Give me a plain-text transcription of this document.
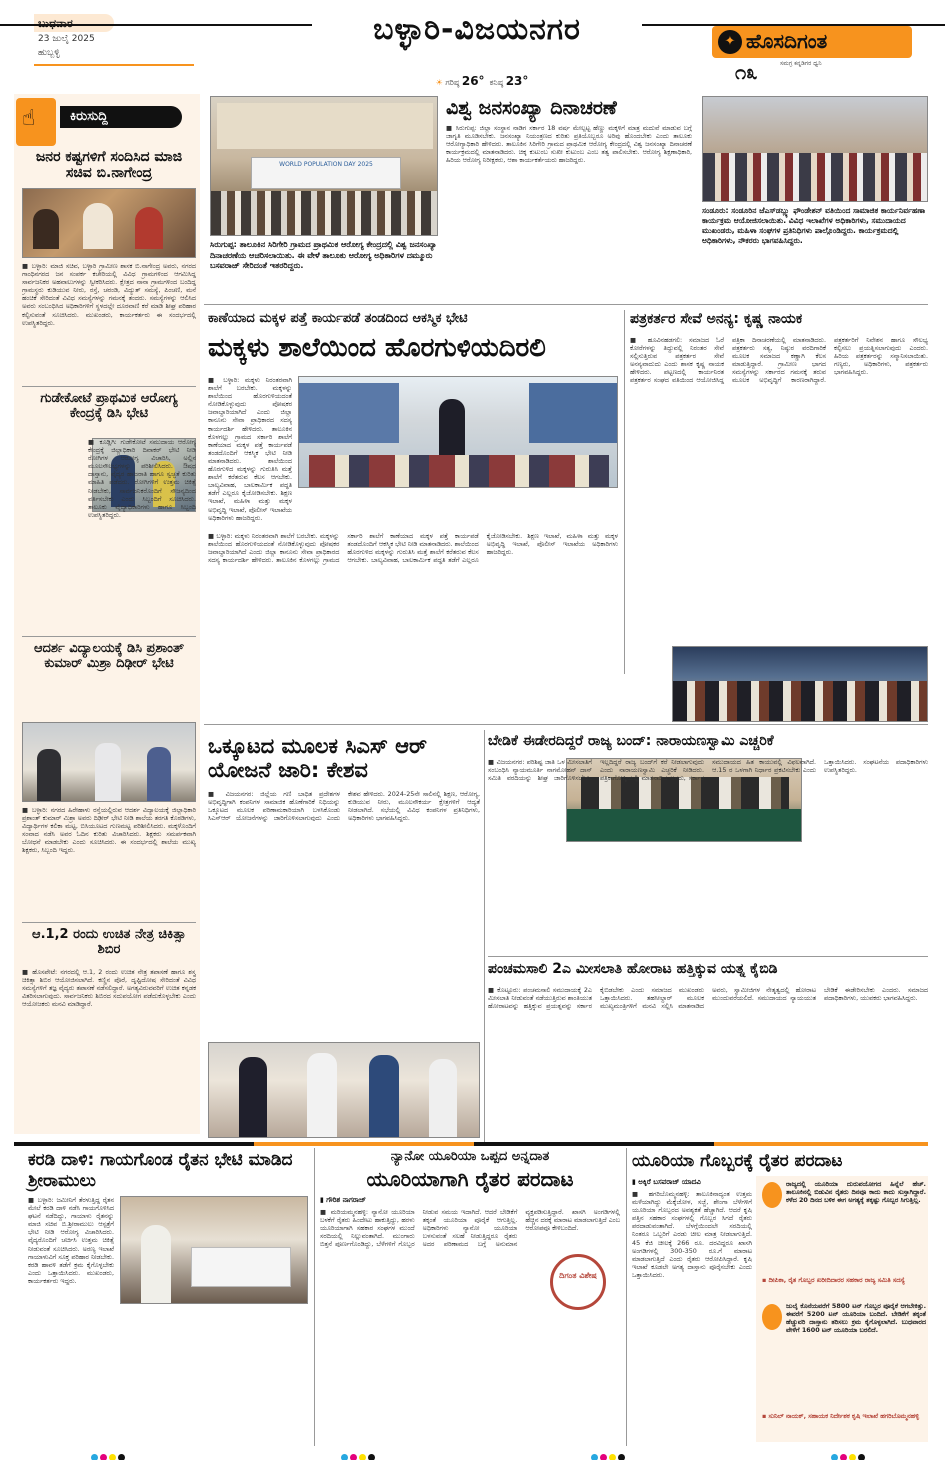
23 ಜುಲೈ 2025
ಹುಬ್ಬಳ್ಳಿ
ಬಳ್ಳಾರಿ-ವಿಜಯನಗರ
☀ ಗರಿಷ್ಠ 26° ಕನಿಷ್ಠ 23°
✦ ಹೊಸದಿಗಂತ
ಸಮಗ್ರ ಕನ್ನಡಿಗರ ಧ್ವನಿ
೧೩
☝	ಕಿರುಸುದ್ದಿ
ಜನರ ಕಷ್ಟಗಳಿಗೆ ಸಂದಿಸಿದ ಮಾಜಿ ಸಚಿವ ಬಿ.ನಾಗೇಂದ್ರ
■ ಬಳ್ಳಾರಿ: ಮಾಜಿ ಸಚಿವ, ಬಳ್ಳಾರಿ ಗ್ರಾಮೀಣ ಶಾಸಕ ಬಿ.ನಾಗೇಂದ್ರ ಅವರು, ನಗರದ ಗಾಂಧಿನಗರದ ಜನ ಸಂಪರ್ಕ ಕಚೇರಿಯಲ್ಲಿ ವಿವಿಧ ಗ್ರಾಮಗಳಿಂದ ಆಗಮಿಸಿದ್ದ ಸಾರ್ವಜನಿಕರ ಅಹವಾಲುಗಳನ್ನು ಸ್ವೀಕರಿಸಿದರು. ಕ್ಷೇತ್ರದ ನಾನಾ ಗ್ರಾಮಗಳಿಂದ ಬಂದಿದ್ದ ಗ್ರಾಮಸ್ಥರು ಕುಡಿಯುವ ನೀರು, ರಸ್ತೆ, ಚರಂಡಿ, ವಿದ್ಯುತ್ ಸಮಸ್ಯೆ, ಪಿಂಚಣಿ, ಮನೆ ಹಂಚಿಕೆ ಸೇರಿದಂತೆ ವಿವಿಧ ಸಮಸ್ಯೆಗಳನ್ನು ಗಮನಕ್ಕೆ ತಂದರು. ಸಮಸ್ಯೆಗಳನ್ನು ಆಲಿಸಿದ ಅವರು ಸಂಬಂಧಿಸಿದ ಅಧಿಕಾರಿಗಳಿಗೆ ಸ್ಥಳದಲ್ಲೇ ದೂರವಾಣಿ ಕರೆ ಮಾಡಿ ಶೀಘ್ರ ಪರಿಹಾರ ಕಲ್ಪಿಸುವಂತೆ ಸೂಚಿಸಿದರು. ಮುಖಂಡರು, ಕಾರ್ಯಕರ್ತರು ಈ ಸಂದರ್ಭದಲ್ಲಿ ಉಪಸ್ಥಿತರಿದ್ದರು.
ಗುಡೇಕೋಟೆ ಪ್ರಾಥಮಿಕ ಆರೋಗ್ಯ ಕೇಂದ್ರಕ್ಕೆ ಡಿಸಿ ಭೇಟಿ
■ ಕೂಡ್ಲಿಗಿ: ಗುಡೇಕೋಟೆ ಸಮುದಾಯ ಆರೋಗ್ಯ ಕೇಂದ್ರಕ್ಕೆ ಜಿಲ್ಲಾಧಿಕಾರಿ ದಿವಾಕರ್ ಭೇಟಿ ನೀಡಿ ರೋಗಿಗಳ ಆರೋಗ್ಯ ವಿಚಾರಿಸಿ, ಅಲ್ಲಿನ ಮೂಲಸೌಲಭ್ಯಗಳನ್ನು ಪರಿಶೀಲಿಸಿದರು. ಔಷಧ ದಾಸ್ತಾನು, ವೈದ್ಯರ ಹಾಜರಾತಿ ಹಾಗೂ ಸ್ವಚ್ಛತೆ ಕುರಿತು ಮಾಹಿತಿ ಪಡೆದರು. ರೋಗಿಗಳಿಗೆ ಉತ್ತಮ ಚಿಕಿತ್ಸೆ ನೀಡಬೇಕು, ಸಾರ್ವಜನಿಕರೊಂದಿಗೆ ಸೌಜನ್ಯದಿಂದ ವರ್ತಿಸಬೇಕು ಎಂದು ಸಿಬ್ಬಂದಿಗೆ ಸೂಚಿಸಿದರು. ತಾಲೂಕು ವೈದ್ಯಾಧಿಕಾರಿಗಳು ಹಾಗೂ ಸಿಬ್ಬಂದಿ ಉಪಸ್ಥಿತರಿದ್ದರು.
ಆದರ್ಶ ವಿದ್ಯಾಲಯಕ್ಕೆ ಡಿಸಿ ಪ್ರಶಾಂತ್ ಕುಮಾರ್ ಮಿಶ್ರಾ ದಿಢೀರ್ ಭೇಟಿ
■ ಬಳ್ಳಾರಿ: ನಗರದ ಹಿರೇಹಾಳು ರಸ್ತೆಯಲ್ಲಿರುವ ಆದರ್ಶ ವಿದ್ಯಾಲಯಕ್ಕೆ ಜಿಲ್ಲಾಧಿಕಾರಿ ಪ್ರಶಾಂತ್ ಕುಮಾರ್ ಮಿಶ್ರಾ ಅವರು ದಿಢೀರ್ ಭೇಟಿ ನೀಡಿ ಶಾಲೆಯ ತರಗತಿ ಕೊಠಡಿಗಳು, ವಿದ್ಯಾರ್ಥಿಗಳ ಕಲಿಕಾ ಮಟ್ಟ, ಬಿಸಿಯೂಟದ ಗುಣಮಟ್ಟ ಪರಿಶೀಲಿಸಿದರು. ಮಕ್ಕಳೊಂದಿಗೆ ಸಂವಾದ ನಡೆಸಿ ಅವರ ಓದಿನ ಕುರಿತು ವಿಚಾರಿಸಿದರು. ಶಿಕ್ಷಕರು ಸಮರ್ಪಕವಾಗಿ ಬೋಧನೆ ಮಾಡಬೇಕು ಎಂದು ಸೂಚಿಸಿದರು. ಈ ಸಂದರ್ಭದಲ್ಲಿ ಶಾಲೆಯ ಮುಖ್ಯ ಶಿಕ್ಷಕರು, ಸಿಬ್ಬಂದಿ ಇದ್ದರು.
ಆ.1,2 ರಂದು ಉಚಿತ ನೇತ್ರ ಚಿಕಿತ್ಸಾ ಶಿಬಿರ
■ ಹೊಸಪೇಟೆ: ನಗರದಲ್ಲಿ ಆ.1, 2 ರಂದು ಉಚಿತ ನೇತ್ರ ತಪಾಸಣೆ ಹಾಗೂ ಶಸ್ತ್ರ ಚಿಕಿತ್ಸಾ ಶಿಬಿರ ಆಯೋಜಿಸಲಾಗಿದೆ. ಕಣ್ಣಿನ ಪೊರೆ, ದೃಷ್ಟಿದೋಷ ಸೇರಿದಂತೆ ವಿವಿಧ ಸಮಸ್ಯೆಗಳಿಗೆ ತಜ್ಞ ವೈದ್ಯರು ತಪಾಸಣೆ ನಡೆಸಲಿದ್ದಾರೆ. ಅಗತ್ಯವಿರುವವರಿಗೆ ಉಚಿತ ಕನ್ನಡಕ ವಿತರಿಸಲಾಗುವುದು. ಸಾರ್ವಜನಿಕರು ಶಿಬಿರದ ಸದುಪಯೋಗ ಪಡೆದುಕೊಳ್ಳಬೇಕು ಎಂದು ಆಯೋಜಕರು ಮನವಿ ಮಾಡಿದ್ದಾರೆ.
WORLD POPULATION DAY 2025
ಸಿರುಗುಪ್ಪ: ತಾಲೂಕಿನ ಸಿರಿಗೇರಿ ಗ್ರಾಮದ ಪ್ರಾಥಮಿಕ ಆರೋಗ್ಯ ಕೇಂದ್ರದಲ್ಲಿ ವಿಶ್ವ ಜನಸಂಖ್ಯಾ ದಿನಾಚರಣೆಯ ಆಚರಿಸಲಾಯಿತು. ಈ ವೇಳೆ ತಾಲೂಕು ಆರೋಗ್ಯ ಅಧಿಕಾರಿಗಳ ದಮ್ಮೂರು ಬಸವರಾಜ್ ಸೇರಿದಂತೆ ಇತರರಿದ್ದರು.
ವಿಶ್ವ ಜನಸಂಖ್ಯಾ ದಿನಾಚರಣೆ
■ ಸಿರುಗುಪ್ಪ: ಜಿಲ್ಲಾ ಸಂಸ್ಥಾನ ನಾಡಿಗ ಸರ್ಕಾರ 18 ವರ್ಷ ಮೇಲ್ಪಟ್ಟ ಹೆಣ್ಣು ಮಕ್ಕಳಿಗೆ ಮಾತ್ರ ಮದುವೆ ಮಾಡುವ ಬಗ್ಗೆ ಜಾಗೃತಿ ಮೂಡಿಸಬೇಕು. ಜನಸಂಖ್ಯಾ ನಿಯಂತ್ರಣದ ಕುರಿತು ಪ್ರತಿಯೊಬ್ಬರೂ ಅರಿವು ಹೊಂದಬೇಕು ಎಂದು ತಾಲೂಕು ಆರೋಗ್ಯಾಧಿಕಾರಿ ಹೇಳಿದರು. ತಾಲೂಕಿನ ಸಿರಿಗೇರಿ ಗ್ರಾಮದ ಪ್ರಾಥಮಿಕ ಆರೋಗ್ಯ ಕೇಂದ್ರದಲ್ಲಿ ವಿಶ್ವ ಜನಸಂಖ್ಯಾ ದಿನಾಚರಣೆ ಕಾರ್ಯಕ್ರಮದಲ್ಲಿ ಮಾತನಾಡಿದರು. ಚಿಕ್ಕ ಕುಟುಂಬ ಸುಖೀ ಕುಟುಂಬ ಎಂಬ ತತ್ವ ಪಾಲಿಸಬೇಕು. ಆರೋಗ್ಯ ಶಿಕ್ಷಣಾಧಿಕಾರಿ, ಹಿರಿಯ ಆರೋಗ್ಯ ನಿರೀಕ್ಷಕರು, ಆಶಾ ಕಾರ್ಯಕರ್ತೆಯರು ಹಾಜರಿದ್ದರು.
ಸಂಡೂರು: ಸಂಡೂರಿನ ಜೆಎಸ್‌ಡಬ್ಲ್ಯು ಫೌಂಡೇಶನ್ ವತಿಯಿಂದ ಸಾಮಾಜಿಕ ಕಾರ್ಯನಿರ್ವಹಣಾ ಕಾರ್ಯಕ್ರಮ ಆಯೋಜಿಸಲಾಯಿತು. ವಿವಿಧ ಇಲಾಖೆಗಳ ಅಧಿಕಾರಿಗಳು, ಸಮುದಾಯದ ಮುಖಂಡರು, ಮಹಿಳಾ ಸಂಘಗಳ ಪ್ರತಿನಿಧಿಗಳು ಪಾಲ್ಗೊಂಡಿದ್ದರು. ಕಾರ್ಯಕ್ರಮದಲ್ಲಿ ಅಧಿಕಾರಿಗಳು, ನೌಕರರು ಭಾಗವಹಿಸಿದ್ದರು.
ಕಾಣೆಯಾದ ಮಕ್ಕಳ ಪತ್ತೆ ಕಾರ್ಯಪಡೆ ತಂಡದಿಂದ ಆಕಸ್ಮಿಕ ಭೇಟಿ
ಮಕ್ಕಳು ಶಾಲೆಯಿಂದ ಹೊರಗುಳಿಯದಿರಲಿ
■ ಬಳ್ಳಾರಿ: ಮಕ್ಕಳು ನಿರಂತರವಾಗಿ ಶಾಲೆಗೆ ಬರಬೇಕು. ಮಕ್ಕಳನ್ನು ಶಾಲೆಯಿಂದ ಹೊರಗುಳಿಯದಂತೆ ನೋಡಿಕೊಳ್ಳುವುದು ಪೋಷಕರ ಜವಾಬ್ದಾರಿಯಾಗಿದೆ ಎಂದು ಜಿಲ್ಲಾ ಕಾನೂನು ಸೇವಾ ಪ್ರಾಧಿಕಾರದ ಸದಸ್ಯ ಕಾರ್ಯದರ್ಶಿ ಹೇಳಿದರು. ತಾಲೂಕಿನ ಕೊಳಗಲ್ಲು ಗ್ರಾಮದ ಸರ್ಕಾರಿ ಶಾಲೆಗೆ ಕಾಣೆಯಾದ ಮಕ್ಕಳ ಪತ್ತೆ ಕಾರ್ಯಪಡೆ ತಂಡದೊಂದಿಗೆ ಆಕಸ್ಮಿಕ ಭೇಟಿ ನೀಡಿ ಮಾತನಾಡಿದರು. ಶಾಲೆಯಿಂದ ಹೊರಗುಳಿದ ಮಕ್ಕಳನ್ನು ಗುರುತಿಸಿ ಮತ್ತೆ ಶಾಲೆಗೆ ಕರೆತರುವ ಕೆಲಸ ಆಗಬೇಕು. ಬಾಲ್ಯವಿವಾಹ, ಬಾಲಕಾರ್ಮಿಕ ಪದ್ಧತಿ ತಡೆಗೆ ಎಲ್ಲರೂ ಕೈಜೋಡಿಸಬೇಕು. ಶಿಕ್ಷಣ ಇಲಾಖೆ, ಮಹಿಳಾ ಮತ್ತು ಮಕ್ಕಳ ಅಭಿವೃದ್ಧಿ ಇಲಾಖೆ, ಪೊಲೀಸ್ ಇಲಾಖೆಯ ಅಧಿಕಾರಿಗಳು ಹಾಜರಿದ್ದರು.
■ ಬಳ್ಳಾರಿ: ಮಕ್ಕಳು ನಿರಂತರವಾಗಿ ಶಾಲೆಗೆ ಬರಬೇಕು. ಮಕ್ಕಳನ್ನು ಶಾಲೆಯಿಂದ ಹೊರಗುಳಿಯದಂತೆ ನೋಡಿಕೊಳ್ಳುವುದು ಪೋಷಕರ ಜವಾಬ್ದಾರಿಯಾಗಿದೆ ಎಂದು ಜಿಲ್ಲಾ ಕಾನೂನು ಸೇವಾ ಪ್ರಾಧಿಕಾರದ ಸದಸ್ಯ ಕಾರ್ಯದರ್ಶಿ ಹೇಳಿದರು. ತಾಲೂಕಿನ ಕೊಳಗಲ್ಲು ಗ್ರಾಮದ ಸರ್ಕಾರಿ ಶಾಲೆಗೆ ಕಾಣೆಯಾದ ಮಕ್ಕಳ ಪತ್ತೆ ಕಾರ್ಯಪಡೆ ತಂಡದೊಂದಿಗೆ ಆಕಸ್ಮಿಕ ಭೇಟಿ ನೀಡಿ ಮಾತನಾಡಿದರು. ಶಾಲೆಯಿಂದ ಹೊರಗುಳಿದ ಮಕ್ಕಳನ್ನು ಗುರುತಿಸಿ ಮತ್ತೆ ಶಾಲೆಗೆ ಕರೆತರುವ ಕೆಲಸ ಆಗಬೇಕು. ಬಾಲ್ಯವಿವಾಹ, ಬಾಲಕಾರ್ಮಿಕ ಪದ್ಧತಿ ತಡೆಗೆ ಎಲ್ಲರೂ ಕೈಜೋಡಿಸಬೇಕು. ಶಿಕ್ಷಣ ಇಲಾಖೆ, ಮಹಿಳಾ ಮತ್ತು ಮಕ್ಕಳ ಅಭಿವೃದ್ಧಿ ಇಲಾಖೆ, ಪೊಲೀಸ್ ಇಲಾಖೆಯ ಅಧಿಕಾರಿಗಳು ಹಾಜರಿದ್ದರು.
ಪತ್ರಕರ್ತರ ಸೇವೆ ಅನನ್ಯ: ಕೃಷ್ಣ ನಾಯಕ
■ ಹೂವಿನಹಡಗಲಿ: ಸಮಾಜದ ಓರೆ ಕೋರೆಗಳನ್ನು ತಿದ್ದುವಲ್ಲಿ ನಿರಂತರ ಸೇವೆ ಸಲ್ಲಿಸುತ್ತಿರುವ ಪತ್ರಕರ್ತರ ಸೇವೆ ಅನನ್ಯವಾದುದು ಎಂದು ಶಾಸಕ ಕೃಷ್ಣ ನಾಯಕ ಹೇಳಿದರು. ಪಟ್ಟಣದಲ್ಲಿ ಕಾರ್ಯನಿರತ ಪತ್ರಕರ್ತರ ಸಂಘದ ವತಿಯಿಂದ ಆಯೋಜಿಸಿದ್ದ ಪತ್ರಿಕಾ ದಿನಾಚರಣೆಯಲ್ಲಿ ಮಾತನಾಡಿದರು. ಪತ್ರಕರ್ತರು ಸತ್ಯ, ನಿಷ್ಠುರ ವರದಿಗಾರಿಕೆ ಮೂಲಕ ಸಮಾಜದ ಕಣ್ಣಾಗಿ ಕೆಲಸ ಮಾಡುತ್ತಿದ್ದಾರೆ. ಗ್ರಾಮೀಣ ಭಾಗದ ಸಮಸ್ಯೆಗಳನ್ನು ಸರ್ಕಾರದ ಗಮನಕ್ಕೆ ತರುವ ಮೂಲಕ ಅಭಿವೃದ್ಧಿಗೆ ಕಾರಣರಾಗಿದ್ದಾರೆ. ಪತ್ರಕರ್ತರಿಗೆ ನಿವೇಶನ ಹಾಗೂ ಸೌಲಭ್ಯ ಕಲ್ಪಿಸಲು ಪ್ರಯತ್ನಿಸಲಾಗುವುದು ಎಂದರು. ಹಿರಿಯ ಪತ್ರಕರ್ತರನ್ನು ಸನ್ಮಾನಿಸಲಾಯಿತು. ಗಣ್ಯರು, ಅಧಿಕಾರಿಗಳು, ಪತ್ರಕರ್ತರು ಭಾಗವಹಿಸಿದ್ದರು.
ಒಕ್ಕೂಟದ ಮೂಲಕ ಸಿಎಸ್ ಆರ್ ಯೋಜನೆ ಜಾರಿ: ಕೇಶವ
■ ವಿಜಯನಗರ: ಜಿಲ್ಲೆಯ ಗಣಿ ಬಾಧಿತ ಪ್ರದೇಶಗಳ ಅಭಿವೃದ್ಧಿಗಾಗಿ ಕಂಪನಿಗಳ ಸಾಮಾಜಿಕ ಹೊಣೆಗಾರಿಕೆ ನಿಧಿಯನ್ನು ಒಕ್ಕೂಟದ ಮೂಲಕ ಪರಿಣಾಮಕಾರಿಯಾಗಿ ಬಳಸಿಕೊಂಡು ಸಿಎಸ್‌ಆರ್ ಯೋಜನೆಗಳನ್ನು ಜಾರಿಗೊಳಿಸಲಾಗುವುದು ಎಂದು ಕೇಶವ ಹೇಳಿದರು. 2024-25ನೇ ಸಾಲಿನಲ್ಲಿ ಶಿಕ್ಷಣ, ಆರೋಗ್ಯ, ಕುಡಿಯುವ ನೀರು, ಮೂಲಸೌಕರ್ಯ ಕ್ಷೇತ್ರಗಳಿಗೆ ಆದ್ಯತೆ ನೀಡಲಾಗಿದೆ. ಸಭೆಯಲ್ಲಿ ವಿವಿಧ ಕಂಪನಿಗಳ ಪ್ರತಿನಿಧಿಗಳು, ಅಧಿಕಾರಿಗಳು ಭಾಗವಹಿಸಿದ್ದರು.
ಬೇಡಿಕೆ ಈಡೇರದಿದ್ದರೆ ರಾಜ್ಯ ಬಂದ್: ನಾರಾಯಣಸ್ವಾಮಿ ಎಚ್ಚರಿಕೆ
■ ವಿಜಯನಗರ: ಪರಿಶಿಷ್ಟ ಜಾತಿ ಒಳ ಮೀಸಲಾತಿಗೆ ಸಂಬಂಧಿಸಿ ನ್ಯಾಯಮೂರ್ತಿ ನಾಗಮೋಹನ್ ದಾಸ್ ಸಮಿತಿ ವರದಿಯನ್ನು ಶೀಘ್ರ ಜಾರಿಗೊಳಿಸಬೇಕು. ಇಲ್ಲದಿದ್ದರೆ ರಾಜ್ಯ ಬಂದ್‌ಗೆ ಕರೆ ನೀಡಲಾಗುವುದು ಎಂದು ನಾರಾಯಣಸ್ವಾಮಿ ಎಚ್ಚರಿಕೆ ನೀಡಿದರು. ಪತ್ರಿಕಾಗೋಷ್ಠಿಯಲ್ಲಿ ಮಾತನಾಡಿದ ಅವರು, ಸರ್ಕಾರ ಸಮುದಾಯದ ಹಿತ ಕಾಯುವಲ್ಲಿ ವಿಫಲವಾಗಿದೆ. ಆ.15 ರ ಒಳಗಾಗಿ ನಿರ್ಧಾರ ಪ್ರಕಟಿಸಬೇಕು ಎಂದು ಒತ್ತಾಯಿಸಿದರು. ಸಂಘಟನೆಯ ಪದಾಧಿಕಾರಿಗಳು ಉಪಸ್ಥಿತರಿದ್ದರು.
ಪಂಚಮಸಾಲಿ 2ಎ ಮೀಸಲಾತಿ ಹೋರಾಟ ಹತ್ತಿಕ್ಕುವ ಯತ್ನ ಕೈಬಿಡಿ
■ ಕೊಟ್ಟೂರು: ಪಂಚಮಸಾಲಿ ಸಮುದಾಯಕ್ಕೆ 2ಎ ಮೀಸಲಾತಿ ನೀಡುವಂತೆ ನಡೆಯುತ್ತಿರುವ ಶಾಂತಿಯುತ ಹೋರಾಟವನ್ನು ಹತ್ತಿಕ್ಕುವ ಪ್ರಯತ್ನವನ್ನು ಸರ್ಕಾರ ಕೈಬಿಡಬೇಕು ಎಂದು ಸಮಾಜದ ಮುಖಂಡರು ಒತ್ತಾಯಿಸಿದರು. ತಹಸೀಲ್ದಾರ್ ಮೂಲಕ ಮುಖ್ಯಮಂತ್ರಿಗಳಿಗೆ ಮನವಿ ಸಲ್ಲಿಸಿ ಮಾತನಾಡಿದ ಅವರು, ಸ್ವಾಮೀಜಿಗಳ ನೇತೃತ್ವದಲ್ಲಿ ಹೋರಾಟ ಮುಂದುವರೆಯಲಿದೆ. ಸಮುದಾಯದ ನ್ಯಾಯಯುತ ಬೇಡಿಕೆ ಈಡೇರಿಸಬೇಕು ಎಂದರು. ಸಮಾಜದ ಪದಾಧಿಕಾರಿಗಳು, ಯುವಕರು ಭಾಗವಹಿಸಿದ್ದರು.
ಕರಡಿ ದಾಳಿ: ಗಾಯಗೊಂಡ ರೈತನ ಭೇಟಿ ಮಾಡಿದ ಶ್ರೀರಾಮುಲು
■ ಬಳ್ಳಾರಿ: ಜಮೀನಿಗೆ ತೆರಳುತ್ತಿದ್ದ ರೈತನ ಮೇಲೆ ಕರಡಿ ದಾಳಿ ನಡೆಸಿ ಗಾಯಗೊಳಿಸಿದ ಘಟನೆ ನಡೆದಿದ್ದು, ಗಾಯಾಳು ರೈತನನ್ನು ಮಾಜಿ ಸಚಿವ ಬಿ.ಶ್ರೀರಾಮುಲು ಆಸ್ಪತ್ರೆಗೆ ಭೇಟಿ ನೀಡಿ ಆರೋಗ್ಯ ವಿಚಾರಿಸಿದರು. ವೈದ್ಯರೊಂದಿಗೆ ಚರ್ಚಿಸಿ ಉತ್ತಮ ಚಿಕಿತ್ಸೆ ನೀಡುವಂತೆ ಸೂಚಿಸಿದರು. ಅರಣ್ಯ ಇಲಾಖೆ ಗಾಯಾಳುವಿಗೆ ಸೂಕ್ತ ಪರಿಹಾರ ನೀಡಬೇಕು. ಕರಡಿ ಹಾವಳಿ ತಡೆಗೆ ಕ್ರಮ ಕೈಗೊಳ್ಳಬೇಕು ಎಂದು ಒತ್ತಾಯಿಸಿದರು. ಮುಖಂಡರು, ಕಾರ್ಯಕರ್ತರು ಇದ್ದರು.
ನ್ಯಾನೋ ಯೂರಿಯಾ ಒಪ್ಪದ ಅನ್ನದಾತ
ಯೂರಿಯಾಗಾಗಿ ರೈತರ ಪರದಾಟ
▮ ಗೌರಿಶ ನಾಗರಾಜ್
■ ಮರಿಯಮ್ಮನಹಳ್ಳಿ: ನ್ಯಾನೋ ಯೂರಿಯಾ ಬಳಕೆಗೆ ರೈತರು ಹಿಂದೇಟು ಹಾಕುತ್ತಿದ್ದು, ಹರಳು ಯೂರಿಯಾಗಾಗಿ ಸಹಕಾರ ಸಂಘಗಳ ಮುಂದೆ ಸರದಿಯಲ್ಲಿ ನಿಲ್ಲುವಂತಾಗಿದೆ. ಮುಂಗಾರು ಬಿತ್ತನೆ ಪೂರ್ಣಗೊಂಡಿದ್ದು, ಬೆಳೆಗಳಿಗೆ ಗೊಬ್ಬರ ನೀಡುವ ಸಮಯ ಇದಾಗಿದೆ. ಆದರೆ ಬೇಡಿಕೆಗೆ ತಕ್ಕಂತೆ ಯೂರಿಯಾ ಪೂರೈಕೆ ಆಗುತ್ತಿಲ್ಲ. ಅಧಿಕಾರಿಗಳು ನ್ಯಾನೋ ಯೂರಿಯಾ ಬಳಸುವಂತೆ ಸಲಹೆ ನೀಡುತ್ತಿದ್ದರೂ ರೈತರು ಅದರ ಪರಿಣಾಮದ ಬಗ್ಗೆ ಅನುಮಾನ ವ್ಯಕ್ತಪಡಿಸುತ್ತಿದ್ದಾರೆ. ಖಾಸಗಿ ಅಂಗಡಿಗಳಲ್ಲಿ ಹೆಚ್ಚಿನ ದರಕ್ಕೆ ಮಾರಾಟ ಮಾಡಲಾಗುತ್ತಿದೆ ಎಂಬ ಆರೋಪವೂ ಕೇಳಿಬಂದಿದೆ.
ದಿಗಂತ ವಿಶೇಷ
ಯೂರಿಯಾ ಗೊಬ್ಬರಕ್ಕೆ ರೈತರ ಪರದಾಟ
▮ ಅಕ್ಕಿರೆ ಬಸವರಾಜ್ ಯಾದವಿ
■ ಹಗರಿಬೊಮ್ಮನಹಳ್ಳಿ: ತಾಲೂಕಿನಾದ್ಯಂತ ಉತ್ತಮ ಮಳೆಯಾಗಿದ್ದು ಮೆಕ್ಕೆಜೋಳ, ಸಜ್ಜೆ, ಶೇಂಗಾ ಬೆಳೆಗಳಿಗೆ ಯೂರಿಯಾ ಗೊಬ್ಬರದ ಅವಶ್ಯಕತೆ ಹೆಚ್ಚಾಗಿದೆ. ಆದರೆ ಕೃಷಿ ಪತ್ತಿನ ಸಹಕಾರ ಸಂಘಗಳಲ್ಲಿ ಗೊಬ್ಬರ ಸಿಗದೆ ರೈತರು ಪರದಾಡುವಂತಾಗಿದೆ. ಬೆಳಗ್ಗೆಯಿಂದಲೇ ಸರದಿಯಲ್ಲಿ ನಿಂತರೂ ಒಬ್ಬರಿಗೆ ಎರಡು ಚೀಲ ಮಾತ್ರ ನೀಡಲಾಗುತ್ತಿದೆ. 45 ಕೆಜಿ ಚೀಲಕ್ಕೆ 266 ರೂ. ದರವಿದ್ದರೂ ಖಾಸಗಿ ಅಂಗಡಿಗಳಲ್ಲಿ 300-350 ರೂ.ಗೆ ಮಾರಾಟ ಮಾಡಲಾಗುತ್ತಿದೆ ಎಂದು ರೈತರು ಆರೋಪಿಸಿದ್ದಾರೆ. ಕೃಷಿ ಇಲಾಖೆ ಕೂಡಲೇ ಅಗತ್ಯ ದಾಸ್ತಾನು ಪೂರೈಸಬೇಕು ಎಂದು ಒತ್ತಾಯಿಸಿದರು.
ರಾಜ್ಯದಲ್ಲಿ ಯೂರಿಯಾ ದುರುಪಯೋಗದ ಹಿನ್ನೆಲೆ ಹೆಚ್. ತಾಲೂಕಿನಲ್ಲಿ ಬಿಡುವಿನ ರೈತರು ದಿನವೂ ಕಾದು ಕಾದು ಸುಸ್ತಾಗಿದ್ದಾರೆ. ಕಳೆದ 20 ದಿನದ ಬಳಿಕ ಈಗ ಅಗತ್ಯಕ್ಕೆ ತಕ್ಕಷ್ಟು ಗೊಬ್ಬರ ಸಿಗುತ್ತಿಲ್ಲ.
▪ ದೀಪಿಕಾ, ರೈತ ಗೊಬ್ಬರ ಖರೀದಿದಾರರ ಸಹಕಾರ ರಾಜ್ಯ ಸಮಿತಿ ಸದಸ್ಯೆ
ಜುಲೈ ಕೊನೆಯವರೆಗೆ 5800 ಟನ್ ಗೊಬ್ಬರ ಪೂರೈಕೆ ಆಗಬೇಕಿತ್ತು. ಈವರೆಗೆ 5200 ಟನ್ ಯೂರಿಯಾ ಬಂದಿದೆ. ಬೇಡಿಕೆಗೆ ತಕ್ಕಂತೆ ಹೆಚ್ಚುವರಿ ದಾಸ್ತಾನು ತರಿಸಲು ಕ್ರಮ ಕೈಗೊಳ್ಳಲಾಗಿದೆ. ಬುಧವಾರದ ವೇಳೆಗೆ 1600 ಟನ್ ಯೂರಿಯಾ ಬರಲಿದೆ.
▪ ಸುನಿಲ್ ನಾಯಕ್, ಸಹಾಯಕ ನಿರ್ದೇಶಕ ಕೃಷಿ ಇಲಾಖೆ ಹಗರಿಬೊಮ್ಮನಹಳ್ಳಿ
